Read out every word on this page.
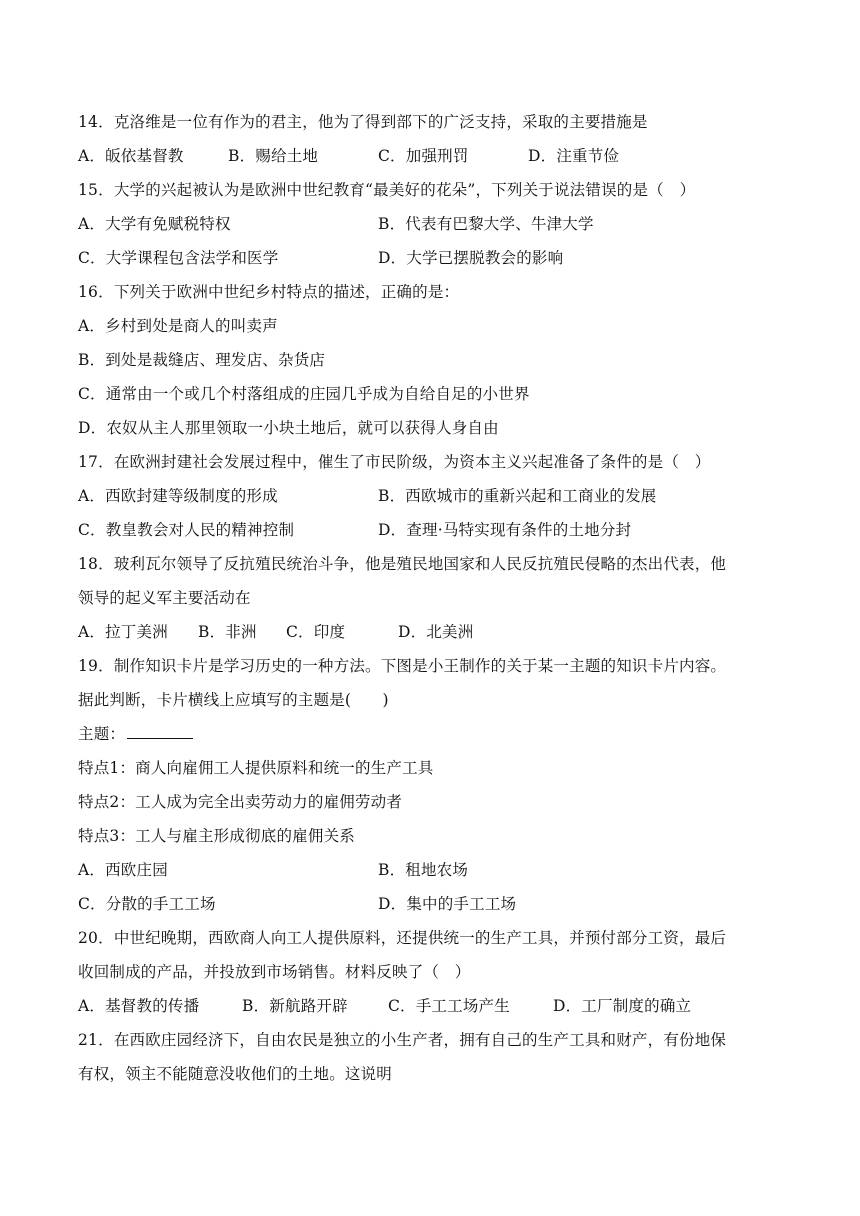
14．克洛维是一位有作为的君主，他为了得到部下的广泛支持，采取的主要措施是
A．皈依基督教	B．赐给土地	C．加强刑罚	D．注重节俭
15．大学的兴起被认为是欧洲中世纪教育“最美好的花朵”，下列关于说法错误的是（　）
A．大学有免赋税特权	B．代表有巴黎大学、牛津大学
C．大学课程包含法学和医学	D．大学已摆脱教会的影响
16．下列关于欧洲中世纪乡村特点的描述，正确的是：
A．乡村到处是商人的叫卖声
B．到处是裁缝店、理发店、杂货店
C．通常由一个或几个村落组成的庄园几乎成为自给自足的小世界
D．农奴从主人那里领取一小块土地后，就可以获得人身自由
17．在欧洲封建社会发展过程中，催生了市民阶级，为资本主义兴起准备了条件的是（　）
A．西欧封建等级制度的形成	B．西欧城市的重新兴起和工商业的发展
C．教皇教会对人民的精神控制	D．查理·马特实现有条件的土地分封
18．玻利瓦尔领导了反抗殖民统治斗争，他是殖民地国家和人民反抗殖民侵略的杰出代表，他
领导的起义军主要活动在
A．拉丁美洲 B．非洲 C．印度	D．北美洲
19．制作知识卡片是学习历史的一种方法。下图是小王制作的关于某一主题的知识卡片内容。
据此判断，卡片横线上应填写的主题是(　　)
主题：
特点1：商人向雇佣工人提供原料和统一的生产工具
特点2：工人成为完全出卖劳动力的雇佣劳动者
特点3：工人与雇主形成彻底的雇佣关系
A．西欧庄园	B．租地农场
C．分散的手工工场	D．集中的手工工场
20．中世纪晚期，西欧商人向工人提供原料，还提供统一的生产工具，并预付部分工资，最后
收回制成的产品，并投放到市场销售。材料反映了（　）
A．基督教的传播	B．新航路开辟	C．手工工场产生	D．工厂制度的确立
21．在西欧庄园经济下，自由农民是独立的小生产者，拥有自己的生产工具和财产，有份地保
有权，领主不能随意没收他们的土地。这说明
